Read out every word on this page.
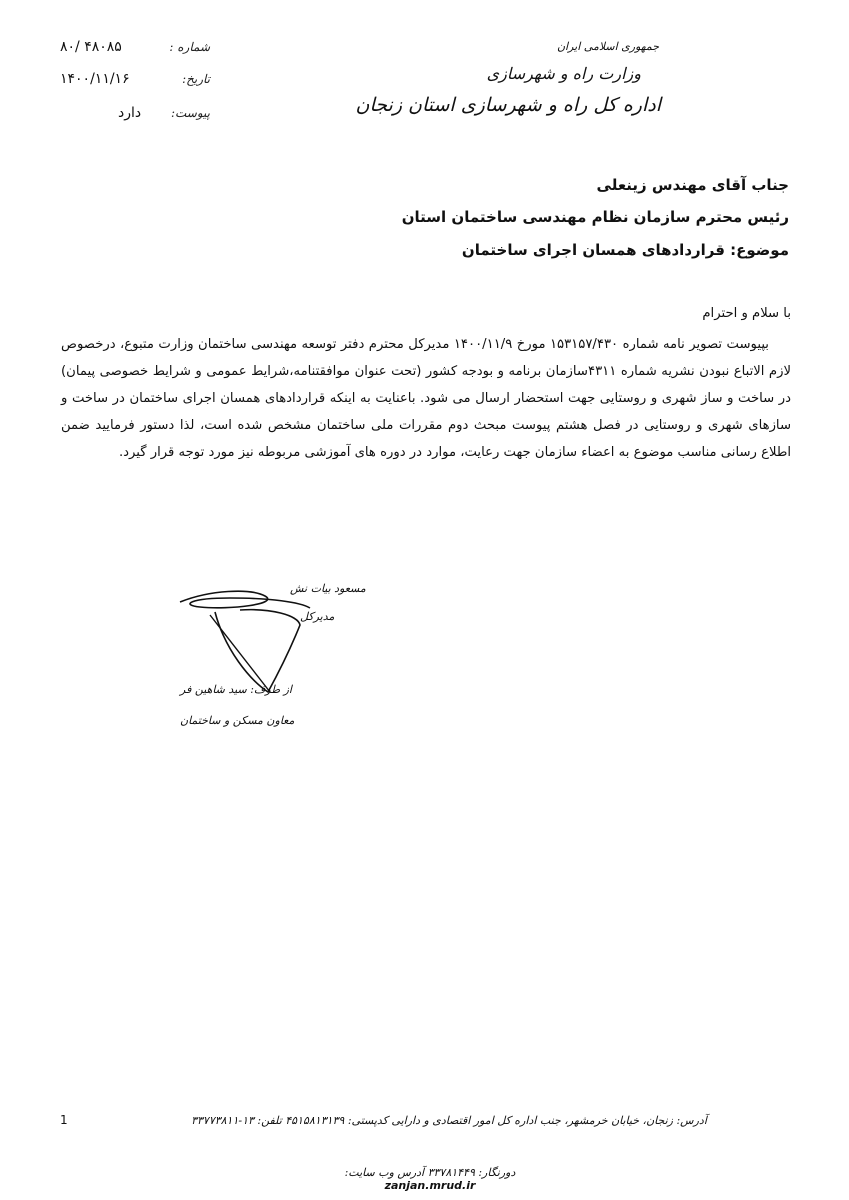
شماره :
۸۰/ ۴۸۰۸۵
تاریخ:
۱۴۰۰/۱۱/۱۶
پیوست:
دارد
جمهوری اسلامی ایران
وزارت راه و شهرسازی
اداره کل راه و شهرسازی استان زنجان
جناب آقای مهندس زینعلی
رئیس محترم سازمان نظام مهندسی ساختمان استان
موضوع: قراردادهای همسان اجرای ساختمان

با سلام و احترام

بپیوست تصویر نامه شماره ۱۵۳۱۵۷/۴۳۰ مورخ ۱۴۰۰/۱۱/۹ مدیرکل محترم دفتر توسعه مهندسی ساختمان وزارت متبوع، درخصوص لازم الاتباع نبودن نشریه شماره ۴۳۱۱سازمان برنامه و بودجه کشور (تحت عنوان موافقتنامه،شرایط عمومی و شرایط خصوصی پیمان) در ساخت و ساز شهری و روستایی جهت استحضار ارسال می شود. باعنایت به اینکه قراردادهای همسان اجرای ساختمان در ساخت و سازهای شهری و روستایی در فصل هشتم پیوست مبحث دوم مقررات ملی ساختمان مشخص شده است، لذا دستور فرمایید ضمن اطلاع رسانی مناسب موضوع به اعضاء سازمان جهت رعایت، موارد در دوره های آموزشی مربوطه نیز مورد توجه قرار گیرد.

مسعود بیات نش
مدیرکل
از طرف: سید شاهین فر
معاون مسکن و ساختمان
1	آدرس: زنجان، خیابان خرمشهر، جنب اداره کل امور اقتصادی و دارایی کدپستی: ۴۵۱۵۸۱۳۱۳۹ تلفن: ۱۳-۳۳۷۷۳۸۱۱
دورنگار: ۳۳۷۸۱۴۴۹ آدرس وب سایت: zanjan.mrud.ir
